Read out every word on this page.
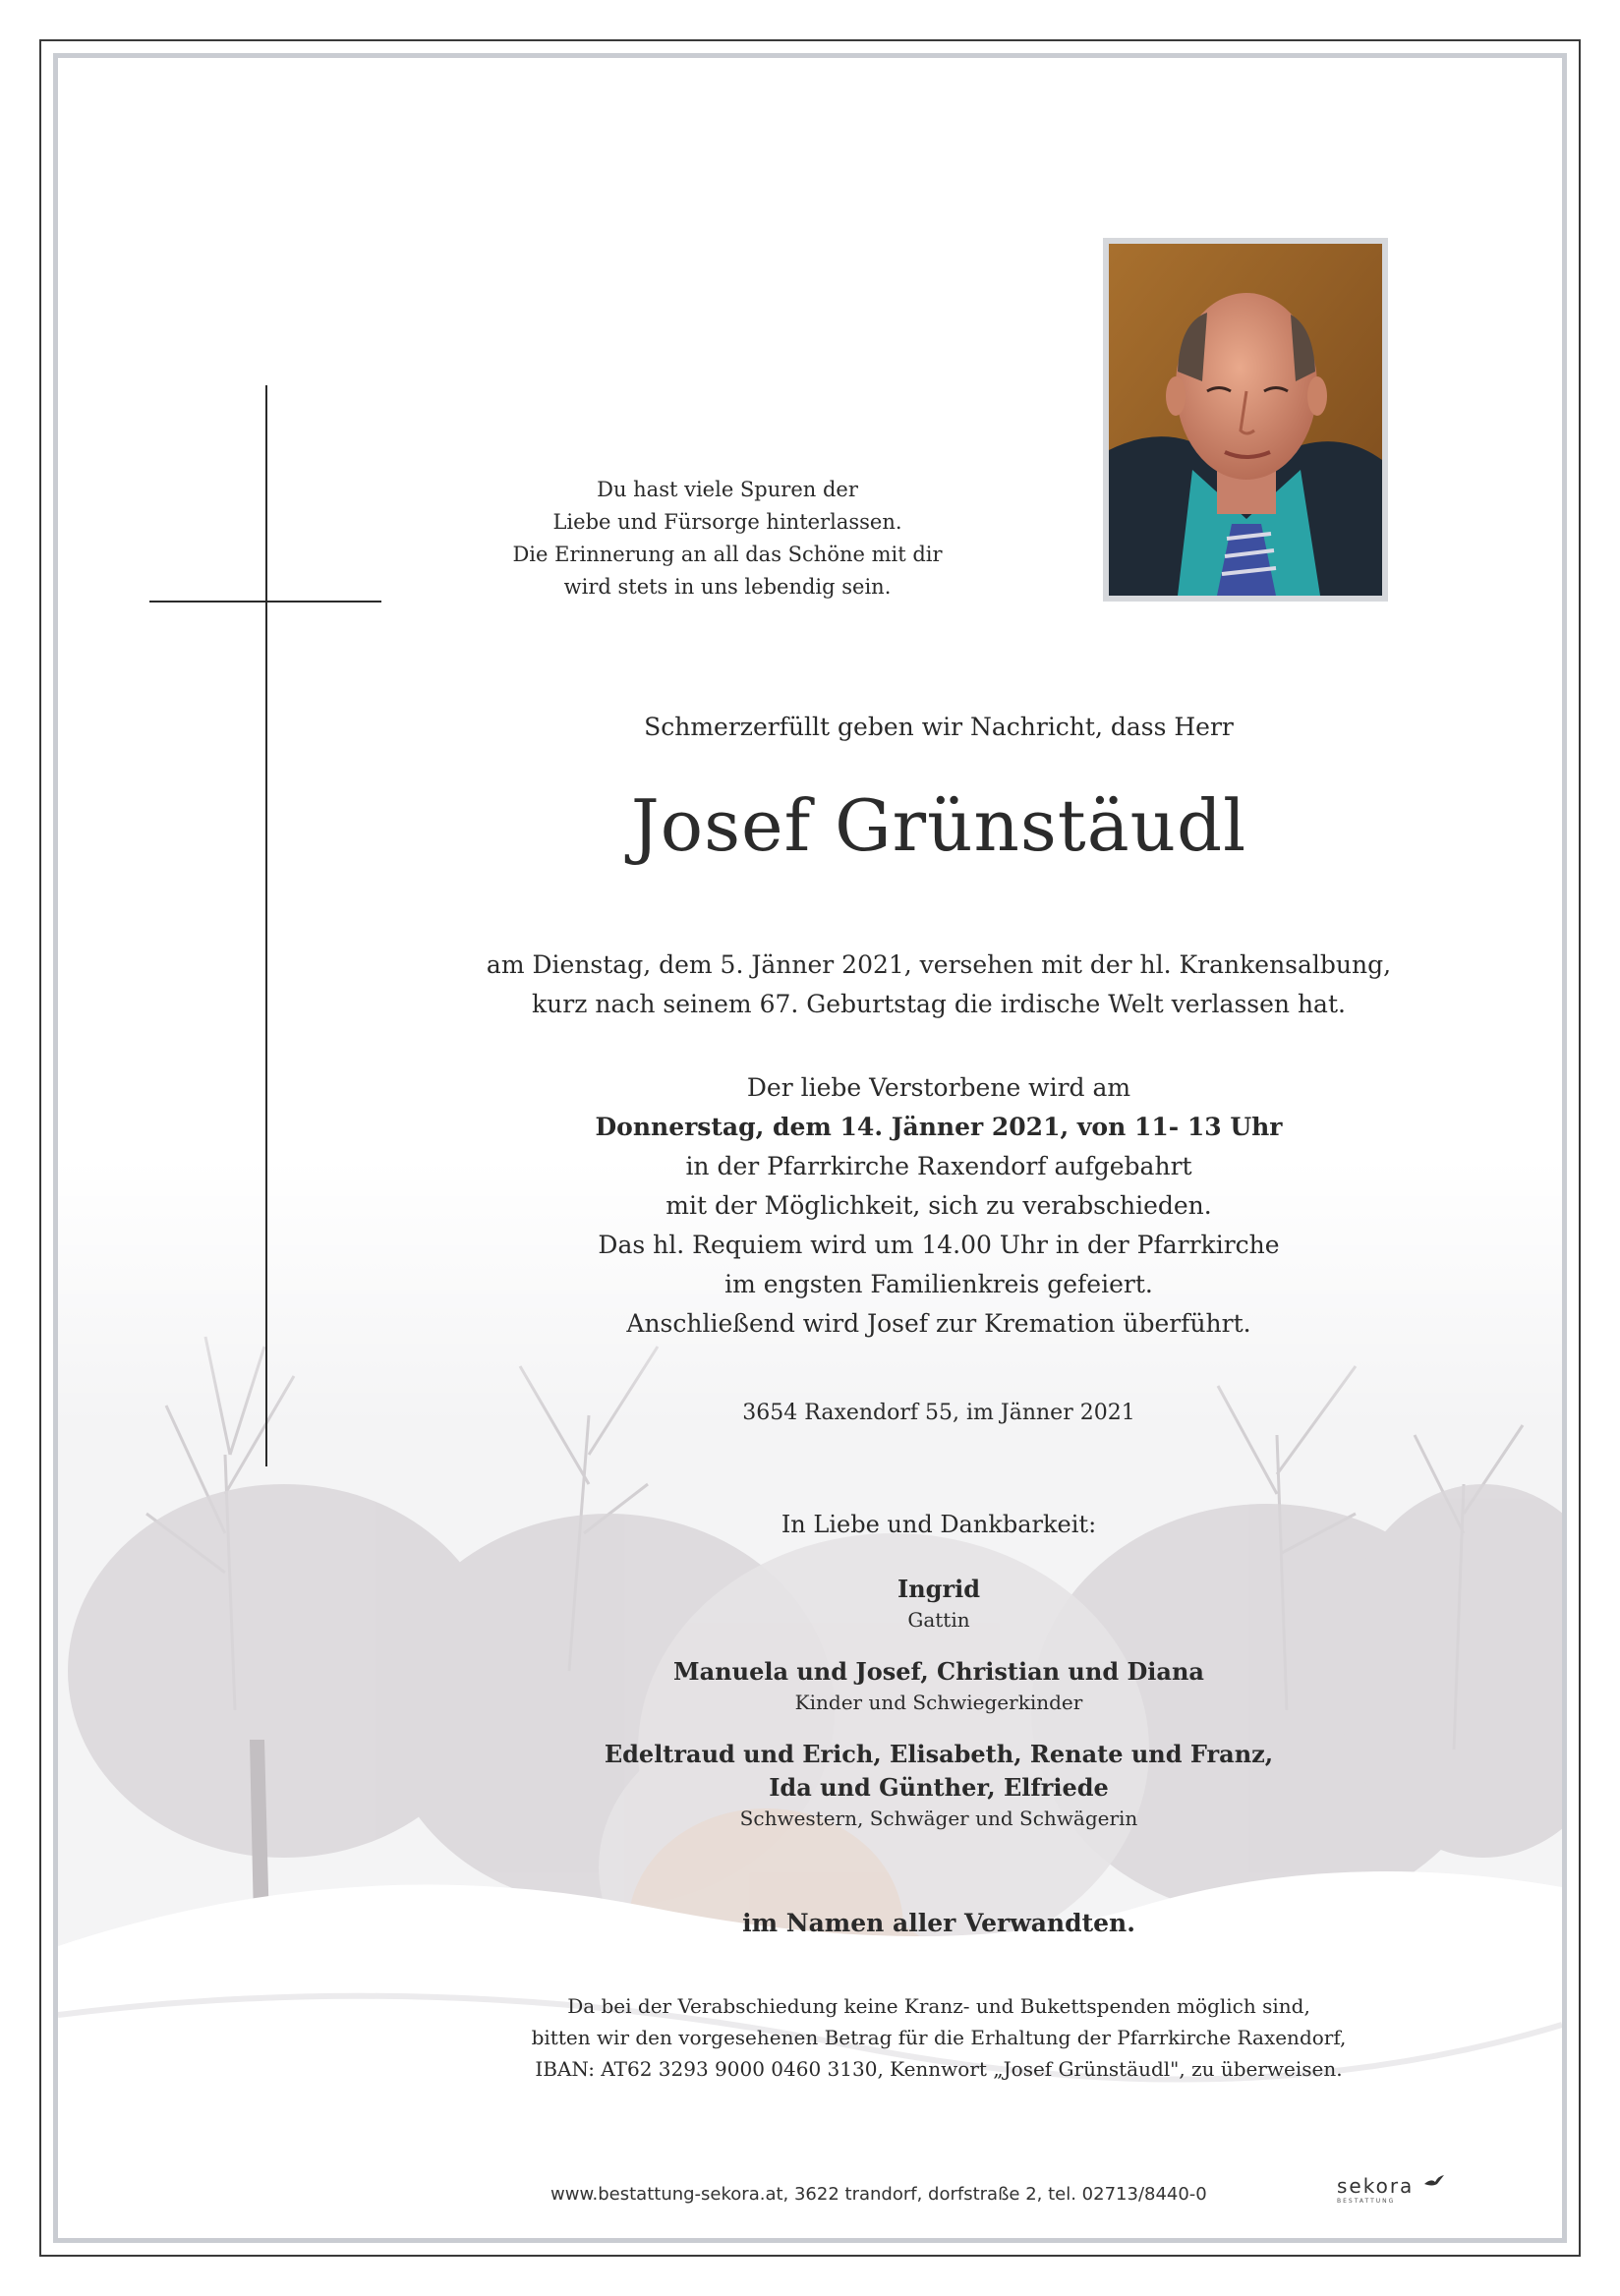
Du hast viele Spuren der
Liebe und Fürsorge hinterlassen.
Die Erinnerung an all das Schöne mit dir
wird stets in uns lebendig sein.
Schmerzerfüllt geben wir Nachricht, dass Herr
Josef Grünstäudl
am Dienstag, dem 5. Jänner 2021, versehen mit der hl. Krankensalbung,
kurz nach seinem 67. Geburtstag die irdische Welt verlassen hat.
Der liebe Verstorbene wird am
Donnerstag, dem 14. Jänner 2021, von 11- 13 Uhr
in der Pfarrkirche Raxendorf aufgebahrt
mit der Möglichkeit, sich zu verabschieden.
Das hl. Requiem wird um 14.00 Uhr in der Pfarrkirche
im engsten Familienkreis gefeiert.
Anschließend wird Josef zur Kremation überführt.
3654 Raxendorf 55, im Jänner 2021
In Liebe und Dankbarkeit:
Ingrid
Gattin
Manuela und Josef, Christian und Diana
Kinder und Schwiegerkinder
Edeltraud und Erich, Elisabeth, Renate und Franz,
Ida und Günther, Elfriede
Schwestern, Schwäger und Schwägerin
im Namen aller Verwandten.
Da bei der Verabschiedung keine Kranz- und Bukettspenden möglich sind,
bitten wir den vorgesehenen Betrag für die Erhaltung der Pfarrkirche Raxendorf,
IBAN: AT62 3293 9000 0460 3130, Kennwort „Josef Grünstäudl", zu überweisen.
www.bestattung-sekora.at, 3622 trandorf, dorfstraße 2, tel. 02713/8440-0	sekora
BESTATTUNG
